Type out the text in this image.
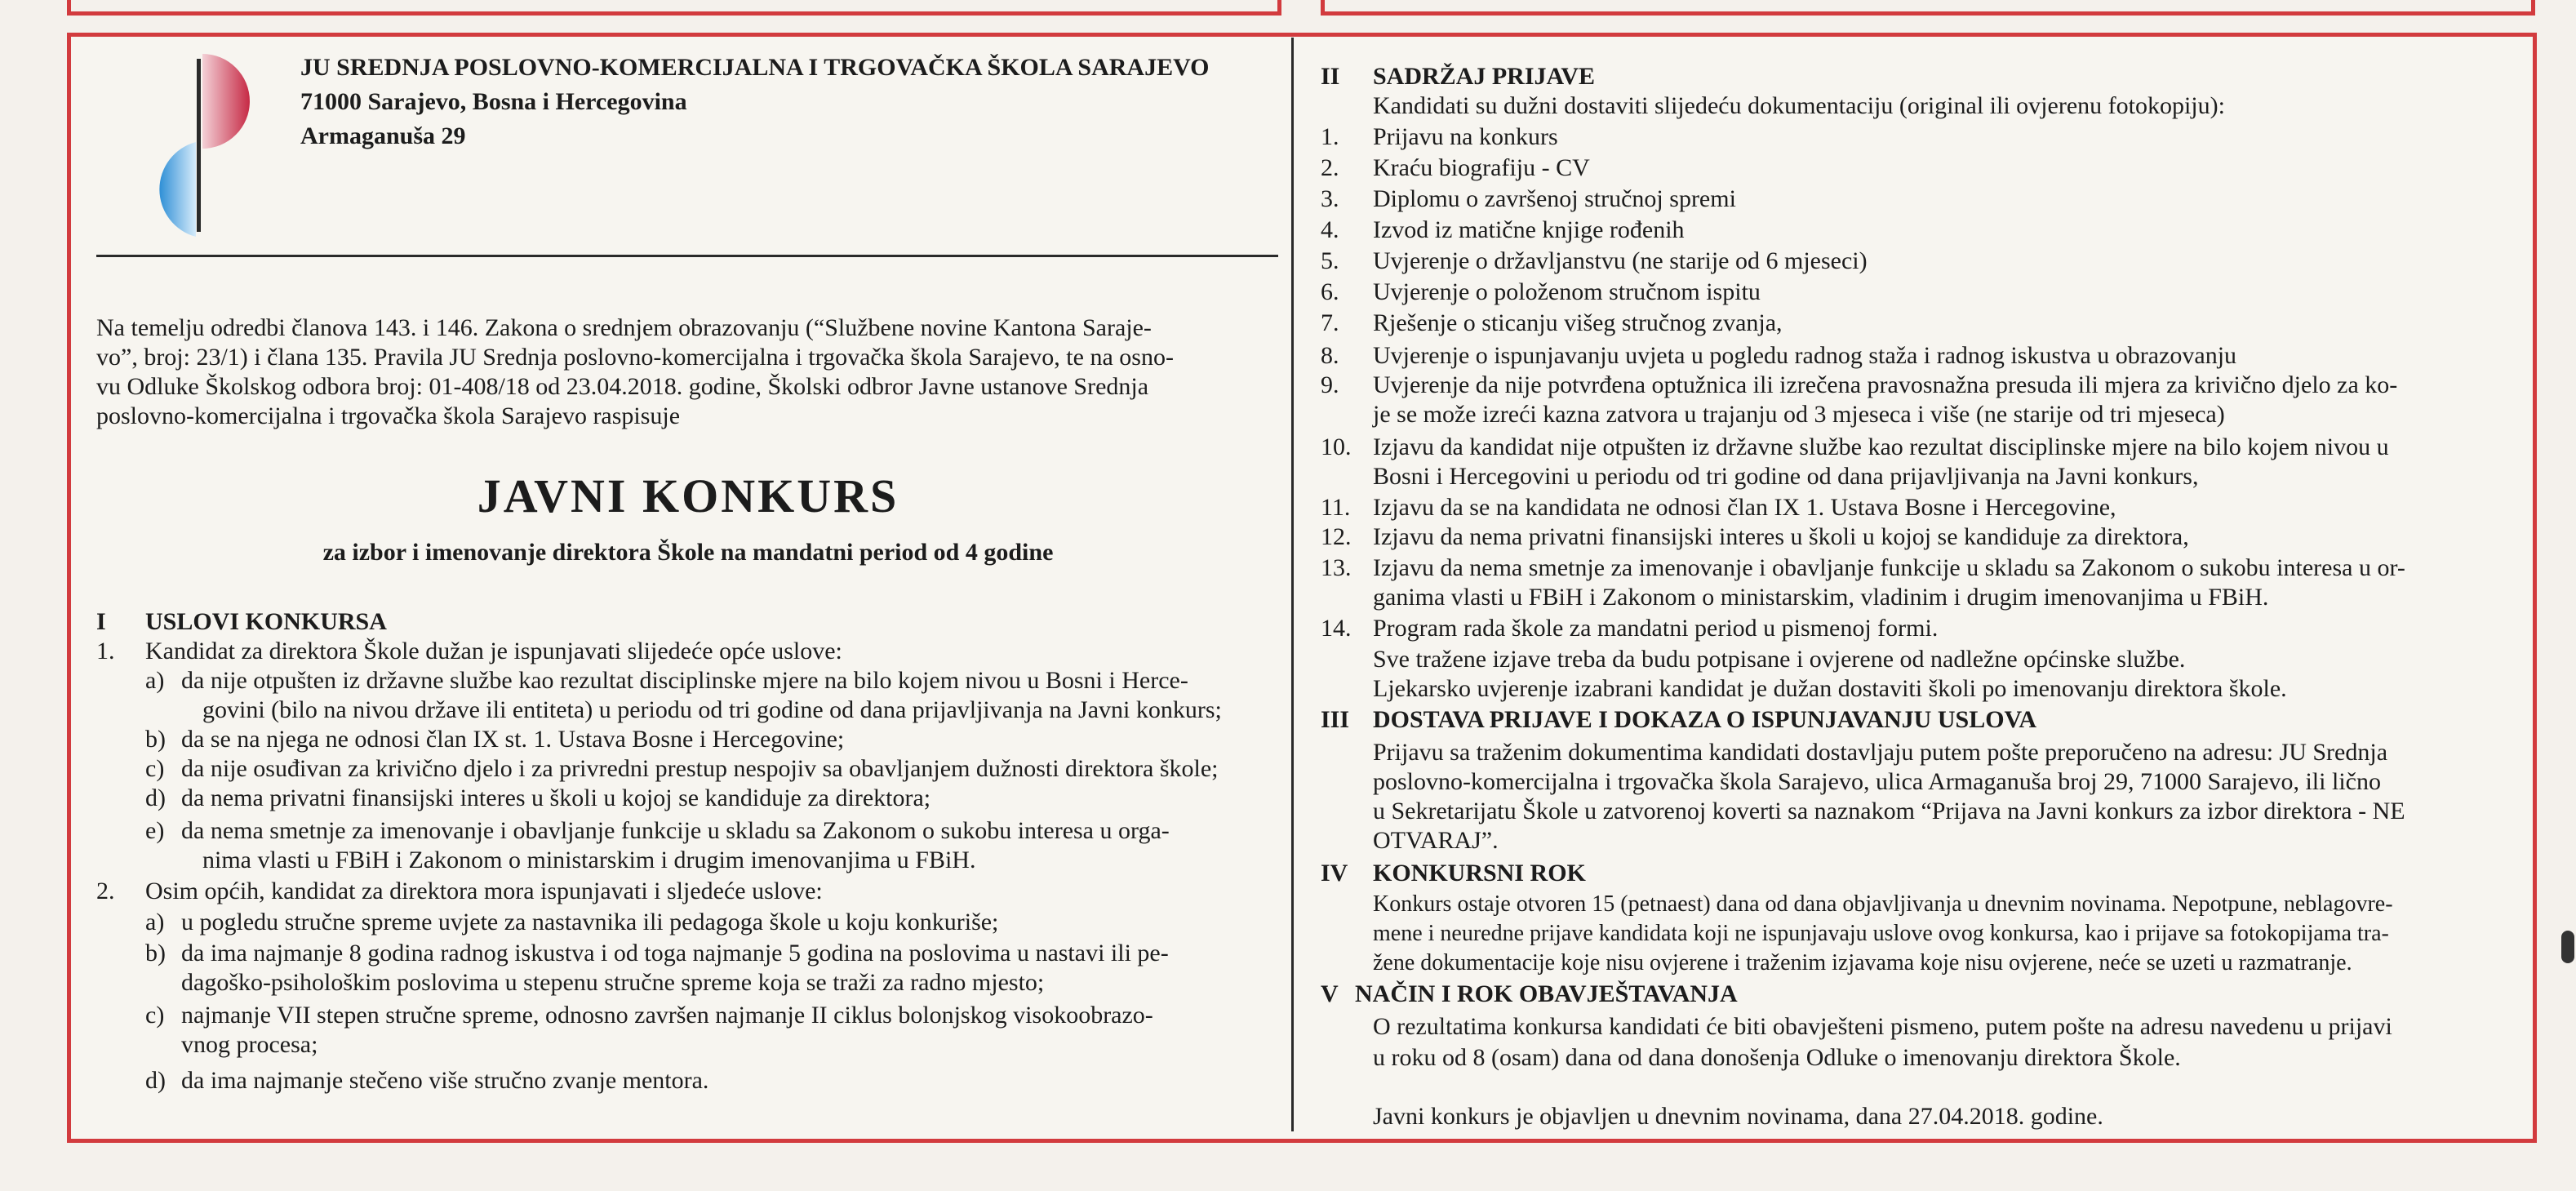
JU SREDNJA POSLOVNO-KOMERCIJALNA I TRGOVAČKA ŠKOLA SARAJEVO
71000 Sarajevo, Bosna i Hercegovina
Armaganuša 29
Na temelju odredbi članova 143. i 146. Zakona o srednjem obrazovanju (“Službene novine Kantona Saraje-
vo”, broj: 23/1) i člana 135. Pravila JU Srednja poslovno-komercijalna i trgovačka škola Sarajevo, te na osno-
vu Odluke Školskog odbora broj: 01-408/18 od 23.04.2018. godine, Školski odbror Javne ustanove Srednja
poslovno-komercijalna i trgovačka škola Sarajevo raspisuje
JAVNI KONKURS
za izbor i imenovanje direktora Škole na mandatni period od 4 godine
I USLOVI KONKURSA
1. Kandidat za direktora Škole dužan je ispunjavati slijedeće opće uslove:
a) da nije otpušten iz državne službe kao rezultat disciplinske mjere na bilo kojem nivou u Bosni i Herce-
govini (bilo na nivou države ili entiteta) u periodu od tri godine od dana prijavljivanja na Javni konkurs;
b) da se na njega ne odnosi član IX st. 1. Ustava Bosne i Hercegovine;
c) da nije osuđivan za krivično djelo i za privredni prestup nespojiv sa obavljanjem dužnosti direktora škole;
d) da nema privatni finansijski interes u školi u kojoj se kandiduje za direktora;
e) da nema smetnje za imenovanje i obavljanje funkcije u skladu sa Zakonom o sukobu interesa u orga-
nima vlasti u FBiH i Zakonom o ministarskim i drugim imenovanjima u FBiH.
2. Osim općih, kandidat za direktora mora ispunjavati i sljedeće uslove:
a) u pogledu stručne spreme uvjete za nastavnika ili pedagoga škole u koju konkuriše;
b) da ima najmanje 8 godina radnog iskustva i od toga najmanje 5 godina na poslovima u nastavi ili pe-
dagoško-psihološkim poslovima u stepenu stručne spreme koja se traži za radno mjesto;
c) najmanje VII stepen stručne spreme, odnosno završen najmanje II ciklus bolonjskog visokoobrazo-
vnog procesa;
d) da ima najmanje stečeno više stručno zvanje mentora.
II SADRŽAJ PRIJAVE
Kandidati su dužni dostaviti slijedeću dokumentaciju (original ili ovjerenu fotokopiju):
1. Prijavu na konkurs
2. Kraću biografiju - CV
3. Diplomu o završenoj stručnoj spremi
4. Izvod iz matične knjige rođenih
5. Uvjerenje o državljanstvu (ne starije od 6 mjeseci)
6. Uvjerenje o položenom stručnom ispitu
7. Rješenje o sticanju višeg stručnog zvanja,
8. Uvjerenje o ispunjavanju uvjeta u pogledu radnog staža i radnog iskustva u obrazovanju
9. Uvjerenje da nije potvrđena optužnica ili izrečena pravosnažna presuda ili mjera za krivično djelo za ko-
je se može izreći kazna zatvora u trajanju od 3 mjeseca i više (ne starije od tri mjeseca)
10. Izjavu da kandidat nije otpušten iz državne službe kao rezultat disciplinske mjere na bilo kojem nivou u
Bosni i Hercegovini u periodu od tri godine od dana prijavljivanja na Javni konkurs,
11. Izjavu da se na kandidata ne odnosi član IX 1. Ustava Bosne i Hercegovine,
12. Izjavu da nema privatni finansijski interes u školi u kojoj se kandiduje za direktora,
13. Izjavu da nema smetnje za imenovanje i obavljanje funkcije u skladu sa Zakonom o sukobu interesa u or-
ganima vlasti u FBiH i Zakonom o ministarskim, vladinim i drugim imenovanjima u FBiH.
14. Program rada škole za mandatni period u pismenoj formi.
Sve tražene izjave treba da budu potpisane i ovjerene od nadležne općinske službe.
Ljekarsko uvjerenje izabrani kandidat je dužan dostaviti školi po imenovanju direktora škole.
III DOSTAVA PRIJAVE I DOKAZA O ISPUNJAVANJU USLOVA
Prijavu sa traženim dokumentima kandidati dostavljaju putem pošte preporučeno na adresu: JU Srednja
poslovno-komercijalna i trgovačka škola Sarajevo, ulica Armaganuša broj 29, 71000 Sarajevo, ili lično
u Sekretarijatu Škole u zatvorenoj koverti sa naznakom “Prijava na Javni konkurs za izbor direktora - NE
OTVARAJ”.
IV KONKURSNI ROK
Konkurs ostaje otvoren 15 (petnaest) dana od dana objavljivanja u dnevnim novinama. Nepotpune, neblagovre-
mene i neuredne prijave kandidata koji ne ispunjavaju uslove ovog konkursa, kao i prijave sa fotokopijama tra-
žene dokumentacije koje nisu ovjerene i traženim izjavama koje nisu ovjerene, neće se uzeti u razmatranje.
V NAČIN I ROK OBAVJEŠTAVANJA
O rezultatima konkursa kandidati će biti obavješteni pismeno, putem pošte na adresu navedenu u prijavi
u roku od 8 (osam) dana od dana donošenja Odluke o imenovanju direktora Škole.
Javni konkurs je objavljen u dnevnim novinama, dana 27.04.2018. godine.
